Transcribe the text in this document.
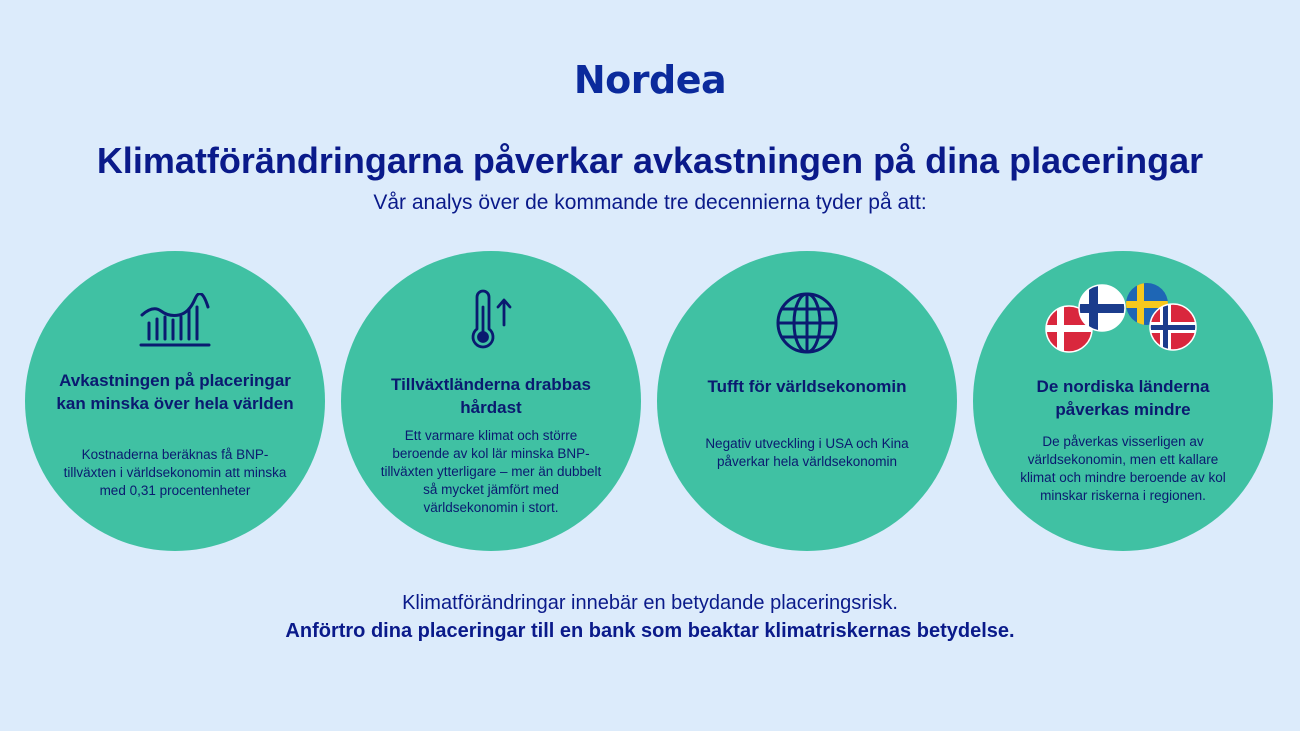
Nordea
Klimatförändringarna påverkar avkastningen på dina placeringar
Vår analys över de kommande tre decennierna tyder på att:
Avkastningen på placeringar kan minska över hela världen
Kostnaderna beräknas få BNP-tillväxten i världsekonomin att minska med 0,31 procentenheter
Tillväxtländerna drabbas hårdast
Ett varmare klimat och större beroende av kol lär minska BNP-tillväxten ytterligare – mer än dubbelt så mycket jämfört med världsekonomin i stort.
Tufft för världsekonomin
Negativ utveckling i USA och Kina påverkar hela världsekonomin
De nordiska länderna påverkas mindre
De påverkas visserligen av världsekonomin, men ett kallare klimat och mindre beroende av kol minskar riskerna i regionen.
Klimatförändringar innebär en betydande placeringsrisk.
Anförtro dina placeringar till en bank som beaktar klimatriskernas betydelse.
